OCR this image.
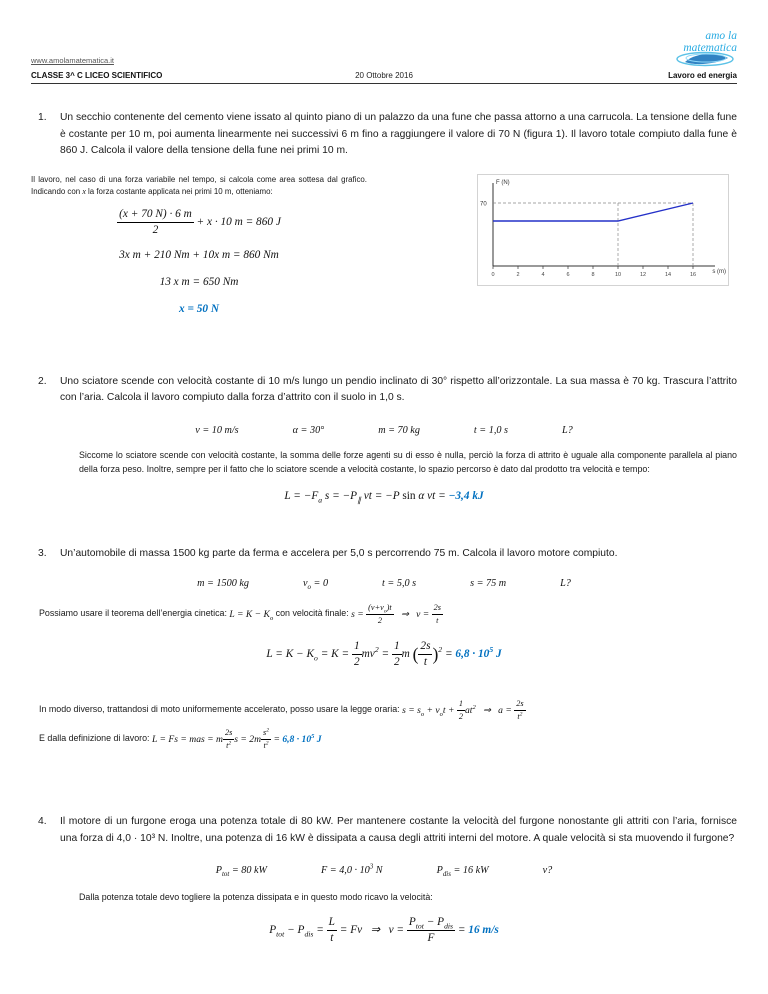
www.amolamatematica.it
CLASSE 3^ C LICEO SCIENTIFICO	20 Ottobre 2016
amo la
matematica
Lavoro ed energia
1.	Un secchio contenente del cemento viene issato al quinto piano di un palazzo da una fune che passa attorno a una carrucola. La tensione della fune è costante per 10 m, poi aumenta linearmente nei successivi 6 m fino a raggiungere il valore di 70 N (figura 1). Il lavoro totale compiuto dalla fune è 860 J. Calcola il valore della tensione della fune nei primi 10 m.

Il lavoro, nel caso di una forza variabile nel tempo, si calcola come area sottesa dal grafico. Indicando con x la forza costante applicata nei primi 10 m, otteniamo:

$\frac{(x + 70 N) \cdot 6 m}{2} + x \cdot 10$ m = 860 J
3x m + 210 Nm + 10x m = 860 Nm
13 x m = 650 Nm
x = 50 N
F (N)
70
s (m)
0	2	4	6	8	10	12	14	16
2.	Uno sciatore scende con velocità costante di 10 m/s lungo un pendio inclinato di 30° rispetto all’orizzontale. La sua massa è 70 kg. Trascura l’attrito con l’aria. Calcola il lavoro compiuto dalla forza d’attrito con il suolo in 1,0 s.

v = 10 m/s	α = 30°	m = 70 kg	t = 1,0 s	L?

Siccome lo sciatore scende con velocità costante, la somma delle forze agenti su di esso è nulla, perciò la forza di attrito è uguale alla componente parallela al piano della forza peso. Inoltre, sempre per il fatto che lo sciatore scende a velocità costante, lo spazio percorso è dato dal prodotto tra velocità e tempo:

$L = -F_a$ $s = -P_\parallel$ vt = −P sin α vt = −3,4 kJ
3.	Un’automobile di massa 1500 kg parte da ferma e accelera per 5,0 s percorrendo 75 m. Calcola il lavoro motore compiuto.

m = 1500 kg	$v_o = 0$	t = 5,0 s	s = 75 m	L?

Possiamo usare il teorema dell’energia cinetica: $L = K - K_o$ con velocità finale: $s = \frac{(v+v_o)t}{2}$ ⇒   $v = \frac{2s}{t}$

$L = K - K_o = K = \frac{1}{2} mv^2 = \frac{1}{2}$ m ( $\frac{2s}{t} )^2 = 6,8 \cdot 10^5$ J

In modo diverso, trattandosi di moto uniformemente accelerato, posso usare la legge oraria: $s = s_o + v_ot + \frac{1}{2} at^2$   ⇒   $a = \frac{2s}{t^2}$

E dalla definizione di lavoro: L = Fs = mas = m $\frac{2s}{t^2}$ $s = 2m \frac{s^2}{t^2} = 6,8 \cdot 10^5$ J

4.	Il motore di un furgone eroga una potenza totale di 80 kW. Per mantenere costante la velocità del furgone nonostante gli attriti con l’aria, fornisce una forza di 4,0 · 10³ N. Inoltre, una potenza di 16 kW è dissipata a causa degli attriti interni del motore. A quale velocità si sta muovendo il furgone?

$P_{tot} = 80$ kW	$F = 4,0 \cdot 10^3$ N	$P_{dis} = 16$ kW	v?

Dalla potenza totale devo togliere la potenza dissipata e in questo modo ricavo la velocità:

$P_{tot} - P_{dis} = \frac{L}{t} = Fv$   ⇒   $v = \frac{P_{tot} - P_{dis}}{F} = 16$ m/s
